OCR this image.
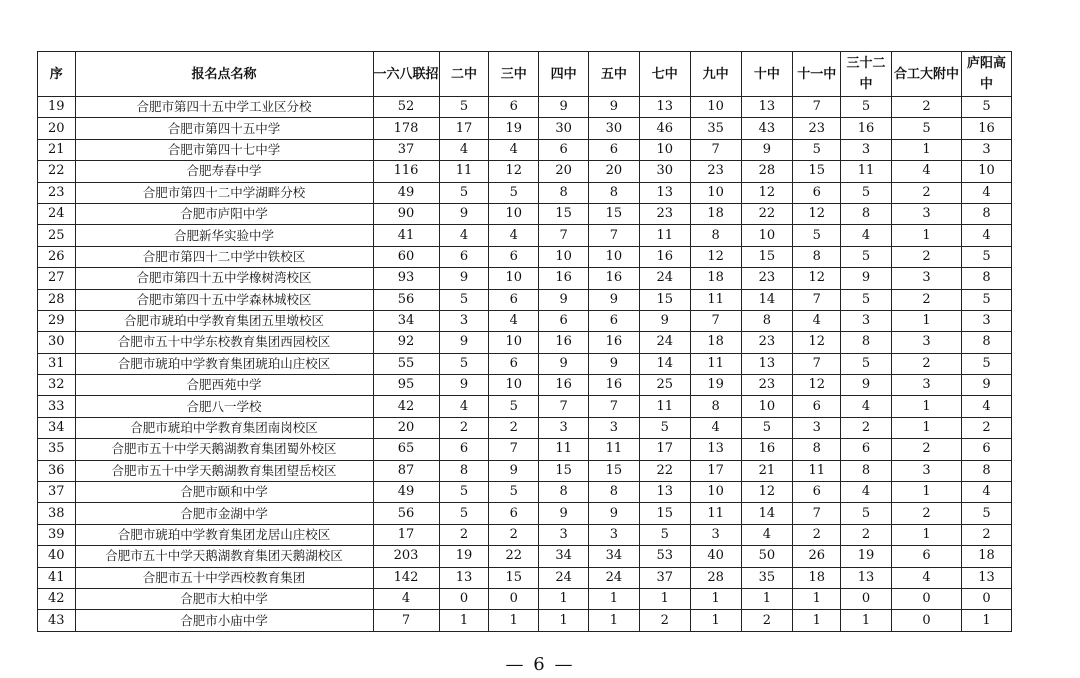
序	报名点名称	一六八联招	二中	三中	四中	五中	七中	九中	十中	十一中	三十二中	合工大附中	庐阳高中
19	合肥市第四十五中学工业区分校	52	5	6	9	9	13	10	13	7	5	2	5
20	合肥市第四十五中学	178	17	19	30	30	46	35	43	23	16	5	16
21	合肥市第四十七中学	37	4	4	6	6	10	7	9	5	3	1	3
22	合肥寿春中学	116	11	12	20	20	30	23	28	15	11	4	10
23	合肥市第四十二中学湖畔分校	49	5	5	8	8	13	10	12	6	5	2	4
24	合肥市庐阳中学	90	9	10	15	15	23	18	22	12	8	3	8
25	合肥新华实验中学	41	4	4	7	7	11	8	10	5	4	1	4
26	合肥市第四十二中学中铁校区	60	6	6	10	10	16	12	15	8	5	2	5
27	合肥市第四十五中学橡树湾校区	93	9	10	16	16	24	18	23	12	9	3	8
28	合肥市第四十五中学森林城校区	56	5	6	9	9	15	11	14	7	5	2	5
29	合肥市琥珀中学教育集团五里墩校区	34	3	4	6	6	9	7	8	4	3	1	3
30	合肥市五十中学东校教育集团西园校区	92	9	10	16	16	24	18	23	12	8	3	8
31	合肥市琥珀中学教育集团琥珀山庄校区	55	5	6	9	9	14	11	13	7	5	2	5
32	合肥西苑中学	95	9	10	16	16	25	19	23	12	9	3	9
33	合肥八一学校	42	4	5	7	7	11	8	10	6	4	1	4
34	合肥市琥珀中学教育集团南岗校区	20	2	2	3	3	5	4	5	3	2	1	2
35	合肥市五十中学天鹅湖教育集团蜀外校区	65	6	7	11	11	17	13	16	8	6	2	6
36	合肥市五十中学天鹅湖教育集团望岳校区	87	8	9	15	15	22	17	21	11	8	3	8
37	合肥市颐和中学	49	5	5	8	8	13	10	12	6	4	1	4
38	合肥市金湖中学	56	5	6	9	9	15	11	14	7	5	2	5
39	合肥市琥珀中学教育集团龙居山庄校区	17	2	2	3	3	5	3	4	2	2	1	2
40	合肥市五十中学天鹅湖教育集团天鹅湖校区	203	19	22	34	34	53	40	50	26	19	6	18
41	合肥市五十中学西校教育集团	142	13	15	24	24	37	28	35	18	13	4	13
42	合肥市大柏中学	4	0	0	1	1	1	1	1	1	0	0	0
43	合肥市小庙中学	7	1	1	1	1	2	1	2	1	1	0	1
— 6 —
